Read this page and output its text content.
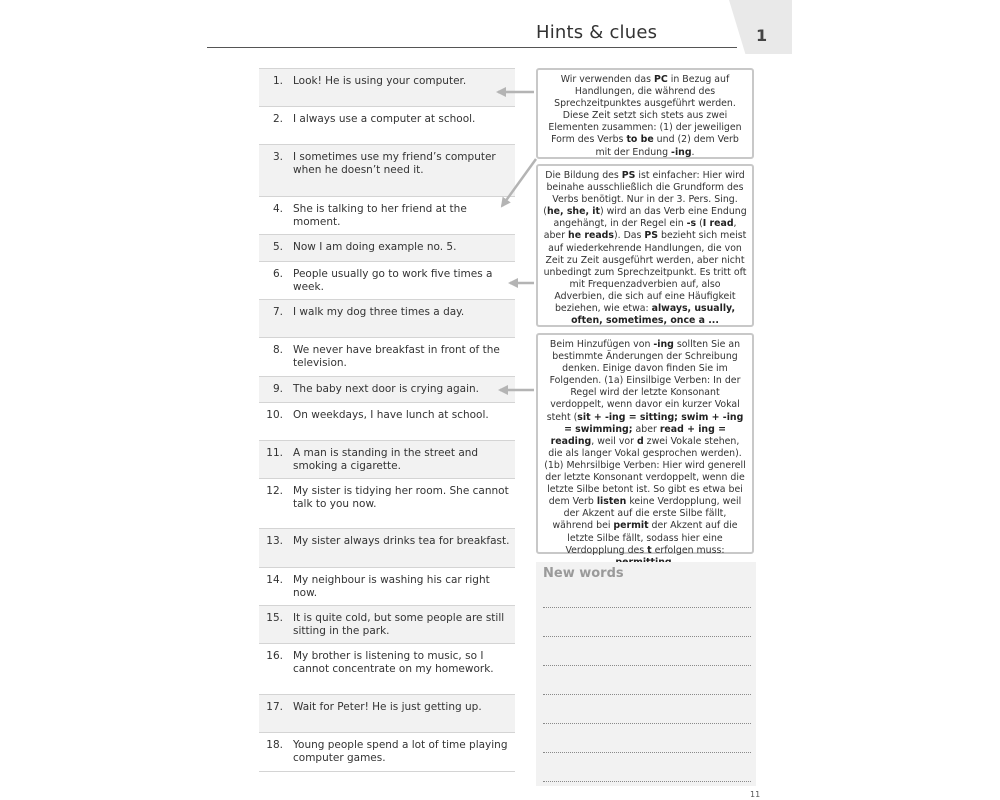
1
Hints & clues
1. Look! He is using your computer.
2. I always use a computer at school.
3. I sometimes use my friend’s computer when he doesn’t need it.
4. She is talking to her friend at the moment.
5. Now I am doing example no. 5.
6. People usually go to work five times a week.
7. I walk my dog three times a day.
8. We never have breakfast in front of the television.
9. The baby next door is crying again.
10. On weekdays, I have lunch at school.
11. A man is standing in the street and smoking a cigarette.
12. My sister is tidying her room. She cannot talk to you now.
13. My sister always drinks tea for breakfast.
14. My neighbour is washing his car right now.
15. It is quite cold, but some people are still sitting in the park.
16. My brother is listening to music, so I cannot concentrate on my homework.
17. Wait for Peter! He is just getting up.
18. Young people spend a lot of time playing computer games.
Wir verwenden das PC in Bezug auf Handlungen, die während des Sprechzeitpunktes ausgeführt werden. Diese Zeit setzt sich stets aus zwei Elementen zusammen: (1) der jeweiligen Form des Verbs to be und (2) dem Verb mit der Endung -ing.
Die Bildung des PS ist einfacher: Hier wird beinahe ausschließlich die Grundform des Verbs benötigt. Nur in der 3. Pers. Sing. (he, she, it) wird an das Verb eine Endung angehängt, in der Regel ein -s (I read, aber he reads). Das PS bezieht sich meist auf wiederkehrende Handlungen, die von Zeit zu Zeit ausgeführt werden, aber nicht unbedingt zum Sprechzeitpunkt. Es tritt oft mit Frequenzadverbien auf, also Adverbien, die sich auf eine Häufigkeit beziehen, wie etwa: always, usually, often, sometimes, once a ...
Beim Hinzufügen von -ing sollten Sie an bestimmte Änderungen der Schreibung denken. Einige davon finden Sie im Folgenden. (1a) Einsilbige Verben: In der Regel wird der letzte Konsonant verdoppelt, wenn davor ein kurzer Vokal steht (sit + -ing = sitting; swim + -ing = swimming; aber read + ing = reading, weil vor d zwei Vokale stehen, die als langer Vokal gesprochen werden). (1b) Mehrsilbige Verben: Hier wird generell der letzte Konsonant verdoppelt, wenn die letzte Silbe betont ist. So gibt es etwa bei dem Verb listen keine Verdopplung, weil der Akzent auf die erste Silbe fällt, während bei permit der Akzent auf die letzte Silbe fällt, sodass hier eine Verdopplung des t erfolgen muss:
New words
11
